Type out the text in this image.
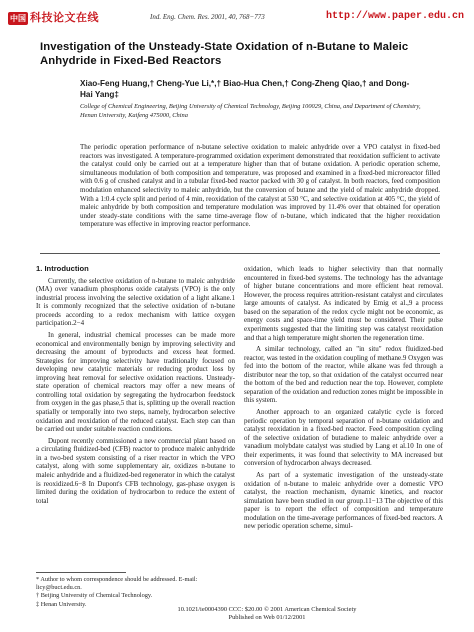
中国 科技论文在线	Ind. Eng. Chem. Res. 2001, 40, 768−773	http://www.paper.edu.cn
Investigation of the Unsteady-State Oxidation of n-Butane to Maleic Anhydride in Fixed-Bed Reactors
Xiao-Feng Huang,† Cheng-Yue Li,*,† Biao-Hua Chen,† Cong-Zheng Qiao,† and Dong-Hai Yang‡
College of Chemical Engineering, Beijing University of Chemical Technology, Beijing 100029, China, and Department of Chemistry, Henan University, Kaifeng 475000, China
The periodic operation performance of n-butane selective oxidation to maleic anhydride over a VPO catalyst in fixed-bed reactors was investigated. A temperature-programmed oxidation experiment demonstrated that reoxidation sufficient to activate the catalyst could only be carried out at a temperature higher than that of butane oxidation. A periodic operation scheme, simultaneous modulation of both composition and temperature, was proposed and examined in a fixed-bed microreactor filled with 0.6 g of crushed catalyst and in a tubular fixed-bed reactor packed with 30 g of catalyst. In both reactors, feed composition modulation enhanced selectivity to maleic anhydride, but the conversion of butane and the yield of maleic anhydride dropped. With a 1:0.4 cycle split and period of 4 min, reoxidation of the catalyst at 530 °C, and selective oxidation at 405 °C, the yield of maleic anhydride by both composition and temperature modulation was improved by 11.4% over that obtained for operation under steady-state conditions with the same time-average flow of n-butane, which indicated that the higher reoxidation temperature was effective in improving reactor performance.
1. Introduction

Currently, the selective oxidation of n-butane to maleic anhydride (MA) over vanadium phosphorus oxide catalysts (VPO) is the only industrial process involving the selective oxidation of a light alkane.1 It is commonly recognized that the selective oxidation of n-butane proceeds according to a redox mechanism with lattice oxygen participation.2−4

In general, industrial chemical processes can be made more economical and environmentally benign by improving selectivity and decreasing the amount of byproducts and excess heat formed. Strategies for improving selectivity have traditionally focused on developing new catalytic materials or reducing product loss by improving heat removal for selective oxidation reactions. Unsteady-state operation of chemical reactors may offer a new means of controlling total oxidation by segregating the hydrocarbon feedstock from oxygen in the gas phase,5 that is, splitting up the overall reaction spatially or temporally into two steps, namely, hydrocarbon selective oxidation and reoxidation of the reduced catalyst. Each step can than be carried out under suitable reaction conditions.

Dupont recently commissioned a new commercial plant based on a circulating fluidized-bed (CFB) reactor to produce maleic anhydride in a two-bed system consisting of a riser reactor in which the VPO catalyst, along with some supplementary air, oxidizes n-butane to maleic anhydride and a fluidized-bed regenerator in which the catalyst is reoxidized.6−8 In Dupont's CFB technology, gas-phase oxygen is limited during the oxidation of hydrocarbon to reduce the extent of total

oxidation, which leads to higher selectivity than that normally encountered in fixed-bed systems. The technology has the advantage of higher butane concentrations and more efficient heat removal. However, the process requires attrition-resistant catalyst and circulates large amounts of catalyst. As indicated by Emig et al.,9 a process based on the separation of the redox cycle might not be economic, as energy costs and space-time yield must be considered. Their pulse experiments suggested that the limiting step was catalyst reoxidation and that a high temperature might shorten the regeneration time.

A similar technology, called an "in situ" redox fluidized-bed reactor, was tested in the oxidation coupling of methane.9 Oxygen was fed into the bottom of the reactor, while alkane was fed through a distributor near the top, so that oxidation of the catalyst occurred near the bottom of the bed and reduction near the top. However, complete separation of the oxidation and reduction zones might be impossible in this system.

Another approach to an organized catalytic cycle is forced periodic operation by temporal separation of n-butane oxidation and catalyst reoxidation in a fixed-bed reactor. Feed composition cycling of the selective oxidation of butadiene to maleic anhydride over a vanadium molybdate catalyst was studied by Lang et al.10 In one of their experiments, it was found that selectivity to MA increased but conversion of hydrocarbon always decreased.

As part of a systematic investigation of the unsteady-state oxidation of n-butane to maleic anhydride over a domestic VPO catalyst, the reaction mechanism, dynamic kinetics, and reactor simulation have been studied in our group.11−13 The objective of this paper is to report the effect of composition and temperature modulation on the time-average performances of fixed-bed reactors. A new periodic operation scheme, simul-

* Author to whom correspondence should be addressed. E-mail: licy@buct.edu.cn.
† Beijing University of Chemical Technology.
‡ Henan University.
10.1021/ie0004390 CCC: $20.00 © 2001 American Chemical Society
Published on Web 01/12/2001
